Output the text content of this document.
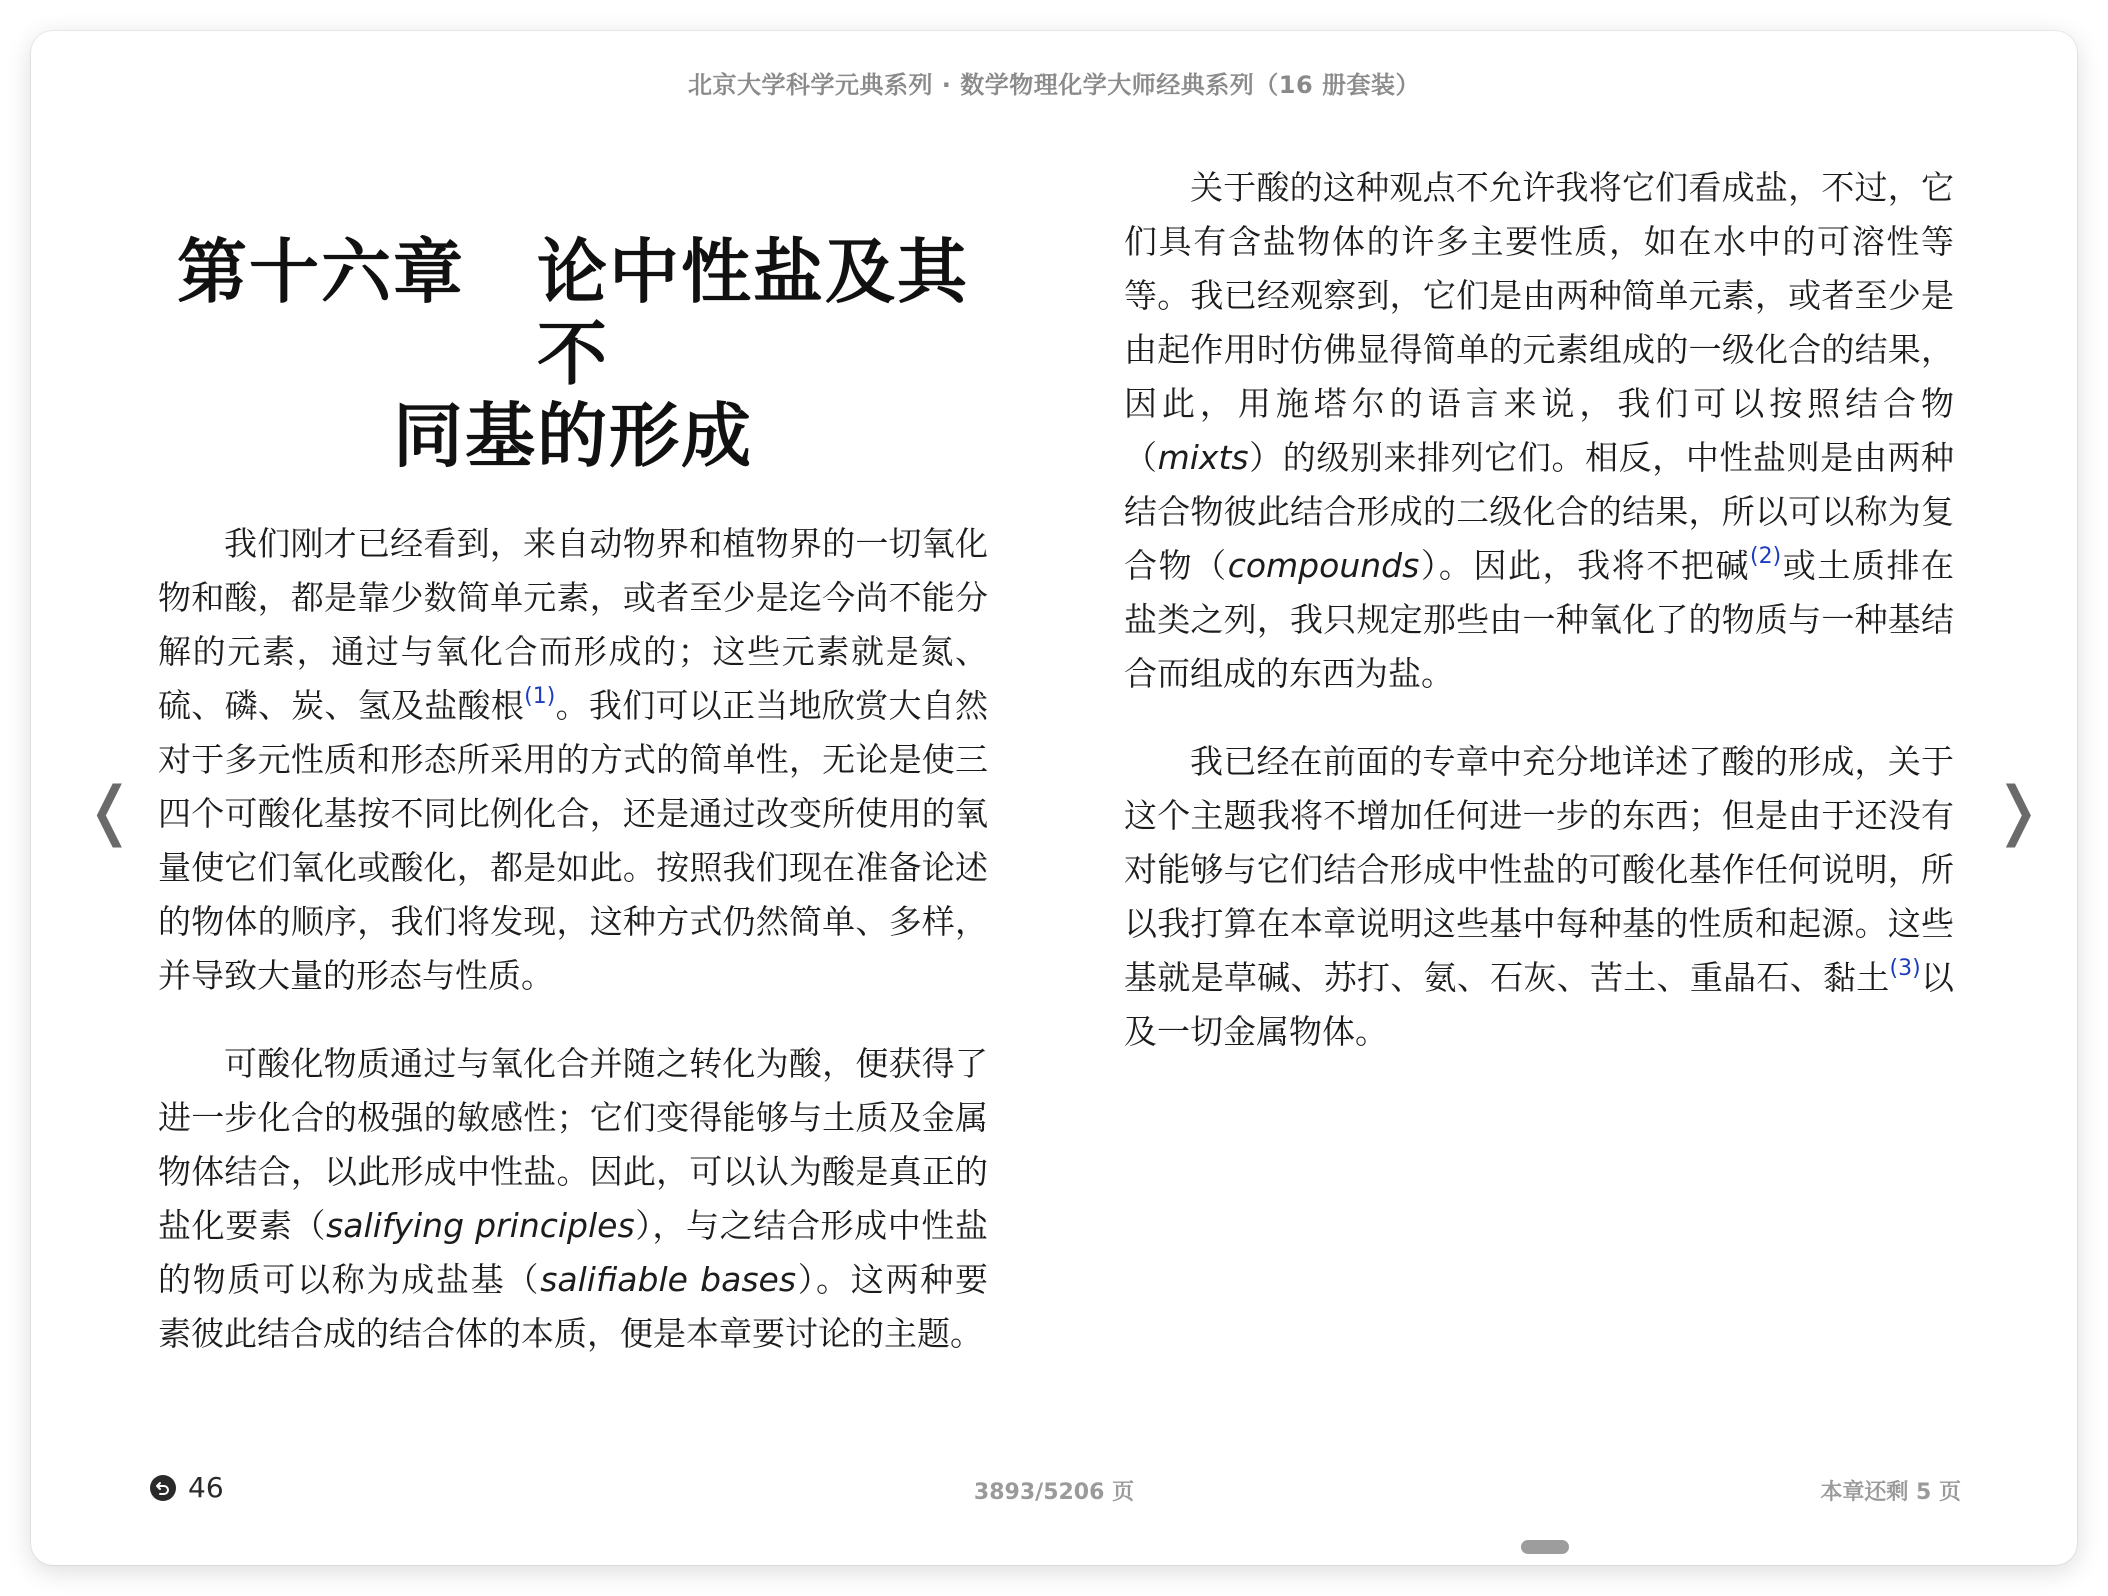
北京大学科学元典系列 · 数学物理化学大师经典系列（16 册套装）
第十六章　论中性盐及其不
同基的形成

我们刚才已经看到，来自动物界和植物界的一切氧化物和酸，都是靠少数简单元素，或者至少是迄今尚不能分解的元素，通过与氧化合而形成的；这些元素就是氮、硫、磷、炭、氢及盐酸根$^{(1)}$。我们可以正当地欣赏大自然对于多元性质和形态所采用的方式的简单性，无论是使三四个可酸化基按不同比例化合，还是通过改变所使用的氧量使它们氧化或酸化，都是如此。按照我们现在准备论述的物体的顺序，我们将发现，这种方式仍然简单、多样，并导致大量的形态与性质。

可酸化物质通过与氧化合并随之转化为酸，便获得了进一步化合的极强的敏感性；它们变得能够与土质及金属物体结合，以此形成中性盐。因此，可以认为酸是真正的盐化要素（salifying principles），与之结合形成中性盐的物质可以称为成盐基（salifiable bases）。这两种要素彼此结合成的结合体的本质，便是本章要讨论的主题。

关于酸的这种观点不允许我将它们看成盐，不过，它们具有含盐物体的许多主要性质，如在水中的可溶性等等。我已经观察到，它们是由两种简单元素，或者至少是由起作用时仿佛显得简单的元素组成的一级化合的结果，因此，用施塔尔的语言来说，我们可以按照结合物（mixts）的级别来排列它们。相反，中性盐则是由两种结合物彼此结合形成的二级化合的结果，所以可以称为复合物（compounds）。因此，我将不把碱$^{(2)}$或土质排在盐类之列，我只规定那些由一种氧化了的物质与一种基结合而组成的东西为盐。

我已经在前面的专章中充分地详述了酸的形成，关于这个主题我将不增加任何进一步的东西；但是由于还没有对能够与它们结合形成中性盐的可酸化基作任何说明，所以我打算在本章说明这些基中每种基的性质和起源。这些基就是草碱、苏打、氨、石灰、苦土、重晶石、黏土$^{(3)}$以及一切金属物体。

❬	❭
46	3893/5206 页	本章还剩 5 页
